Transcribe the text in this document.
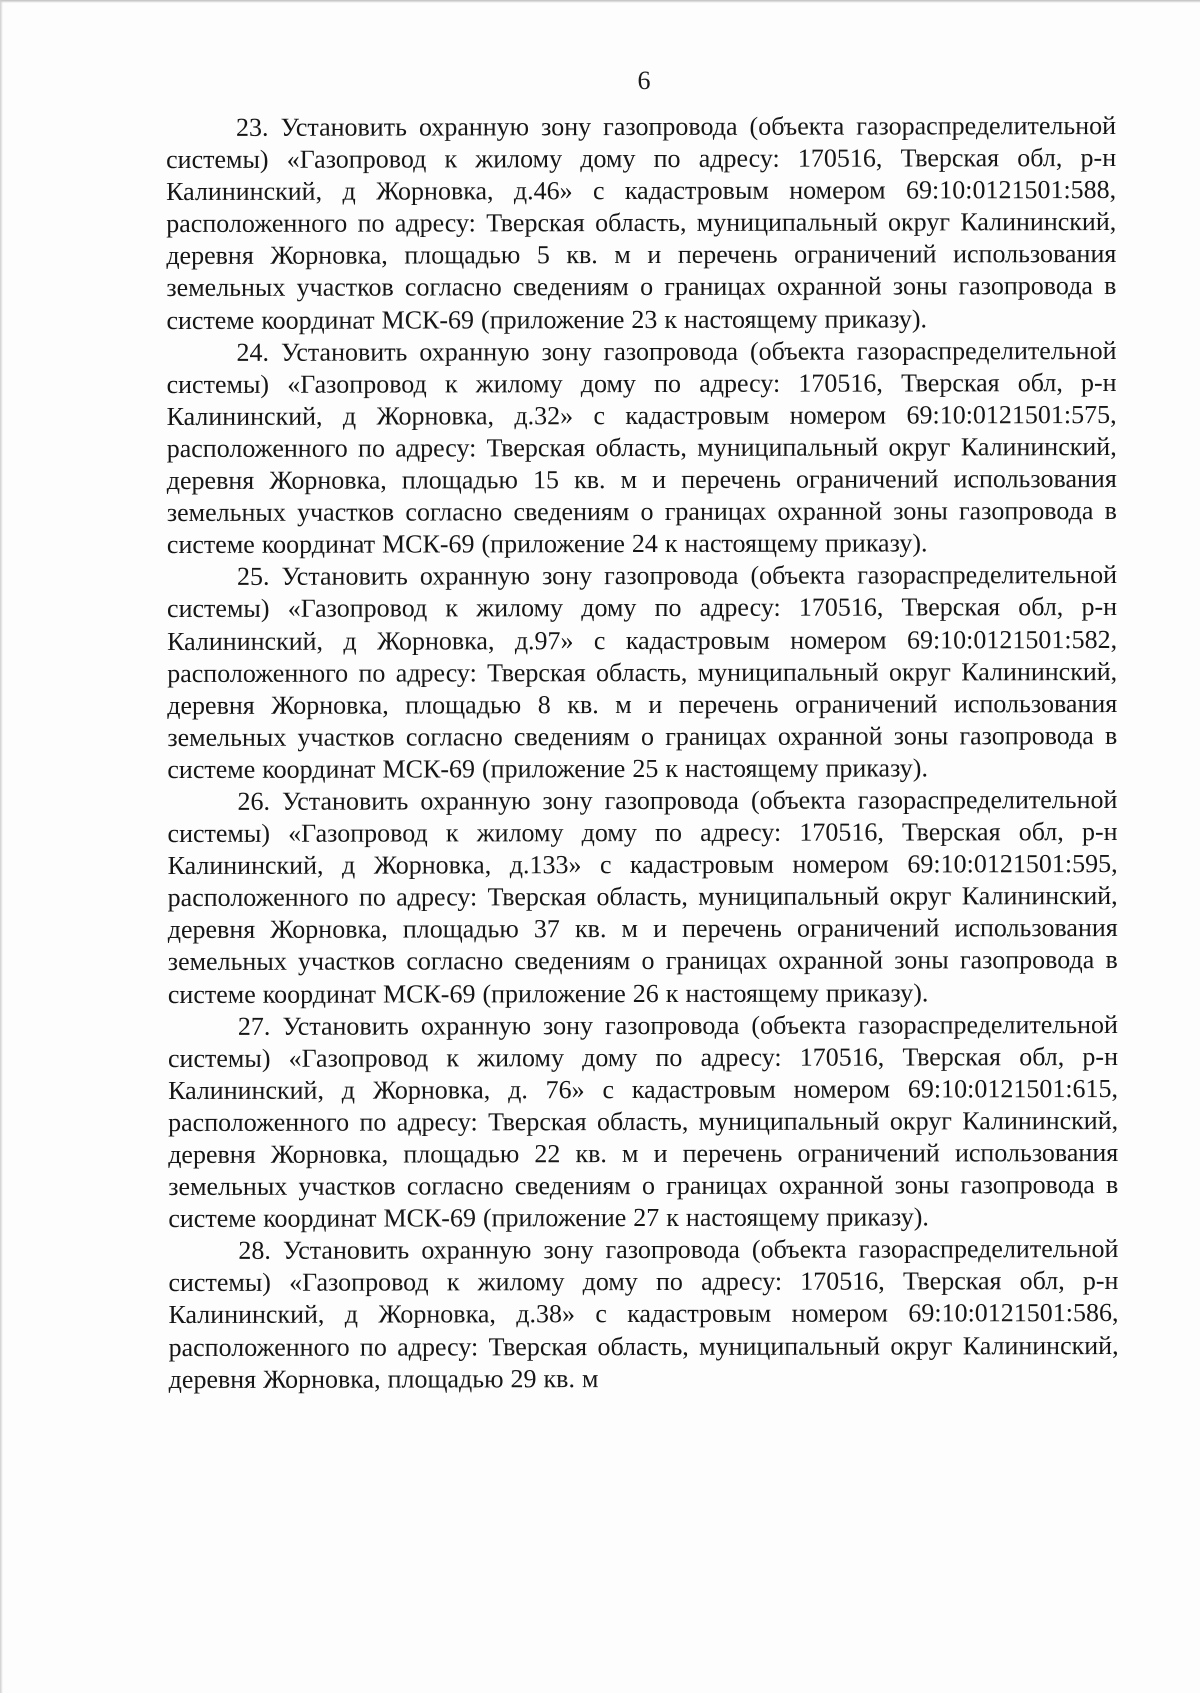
6

23. Установить охранную зону газопровода (объекта газораспределительной системы) «Газопровод к жилому дому по адресу: 170516, Тверская обл, р-н Калининский, д Жорновка, д.46» с кадастровым номером 69:10:0121501:588, расположенного по адресу: Тверская область, муниципальный округ Калининский, деревня Жорновка, площадью 5 кв. м и перечень ограничений использования земельных участков согласно сведениям о границах охранной зоны газопровода в системе координат МСК-69 (приложение 23 к настоящему приказу).

24. Установить охранную зону газопровода (объекта газораспределительной системы) «Газопровод к жилому дому по адресу: 170516, Тверская обл, р-н Калининский, д Жорновка, д.32» с кадастровым номером 69:10:0121501:575, расположенного по адресу: Тверская область, муниципальный округ Калининский, деревня Жорновка, площадью 15 кв. м и перечень ограничений использования земельных участков согласно сведениям о границах охранной зоны газопровода в системе координат МСК-69 (приложение 24 к настоящему приказу).

25. Установить охранную зону газопровода (объекта газораспределительной системы) «Газопровод к жилому дому по адресу: 170516, Тверская обл, р-н Калининский, д Жорновка, д.97» с кадастровым номером 69:10:0121501:582, расположенного по адресу: Тверская область, муниципальный округ Калининский, деревня Жорновка, площадью 8 кв. м и перечень ограничений использования земельных участков согласно сведениям о границах охранной зоны газопровода в системе координат МСК-69 (приложение 25 к настоящему приказу).

26. Установить охранную зону газопровода (объекта газораспределительной системы) «Газопровод к жилому дому по адресу: 170516, Тверская обл, р-н Калининский, д Жорновка, д.133» с кадастровым номером 69:10:0121501:595, расположенного по адресу: Тверская область, муниципальный округ Калининский, деревня Жорновка, площадью 37 кв. м и перечень ограничений использования земельных участков согласно сведениям о границах охранной зоны газопровода в системе координат МСК-69 (приложение 26 к настоящему приказу).

27. Установить охранную зону газопровода (объекта газораспределительной системы) «Газопровод к жилому дому по адресу: 170516, Тверская обл, р-н Калининский, д Жорновка, д. 76» с кадастровым номером 69:10:0121501:615, расположенного по адресу: Тверская область, муниципальный округ Калининский, деревня Жорновка, площадью 22 кв. м и перечень ограничений использования земельных участков согласно сведениям о границах охранной зоны газопровода в системе координат МСК-69 (приложение 27 к настоящему приказу).

28. Установить охранную зону газопровода (объекта газораспределительной системы) «Газопровод к жилому дому по адресу: 170516, Тверская обл, р-н Калининский, д Жорновка, д.38» с кадастровым номером 69:10:0121501:586, расположенного по адресу: Тверская область, муниципальный округ Калининский, деревня Жорновка, площадью 29 кв. м
